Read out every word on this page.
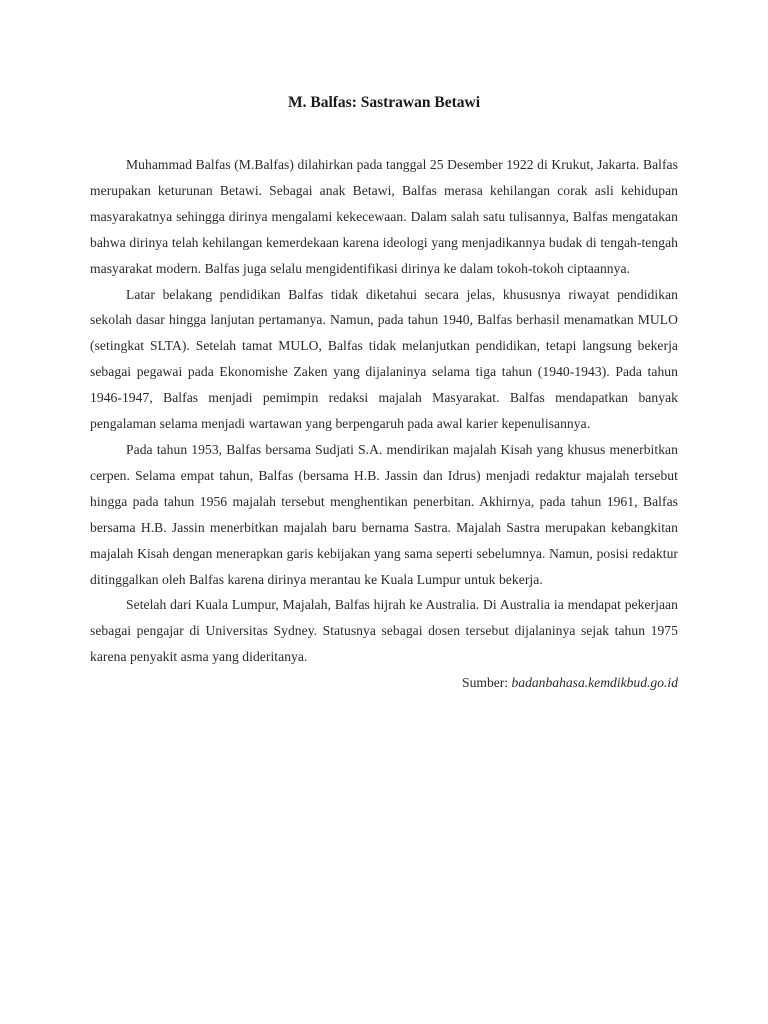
M. Balfas: Sastrawan Betawi

Muhammad Balfas (M.Balfas) dilahirkan pada tanggal 25 Desember 1922 di Krukut, Jakarta. Balfas merupakan keturunan Betawi. Sebagai anak Betawi, Balfas merasa kehilangan corak asli kehidupan masyarakatnya sehingga dirinya mengalami kekecewaan. Dalam salah satu tulisannya, Balfas mengatakan bahwa dirinya telah kehilangan kemerdekaan karena ideologi yang menjadikannya budak di tengah-tengah masyarakat modern. Balfas juga selalu mengidentifikasi dirinya ke dalam tokoh-tokoh ciptaannya.

Latar belakang pendidikan Balfas tidak diketahui secara jelas, khususnya riwayat pendidikan sekolah dasar hingga lanjutan pertamanya. Namun, pada tahun 1940, Balfas berhasil menamatkan MULO (setingkat SLTA). Setelah tamat MULO, Balfas tidak melanjutkan pendidikan, tetapi langsung bekerja sebagai pegawai pada Ekonomishe Zaken yang dijalaninya selama tiga tahun (1940-1943). Pada tahun 1946-1947, Balfas menjadi pemimpin redaksi majalah Masyarakat. Balfas mendapatkan banyak pengalaman selama menjadi wartawan yang berpengaruh pada awal karier kepenulisannya.

Pada tahun 1953, Balfas bersama Sudjati S.A. mendirikan majalah Kisah yang khusus menerbitkan cerpen. Selama empat tahun, Balfas (bersama H.B. Jassin dan Idrus) menjadi redaktur majalah tersebut hingga pada tahun 1956 majalah tersebut menghentikan penerbitan. Akhirnya, pada tahun 1961, Balfas bersama H.B. Jassin menerbitkan majalah baru bernama Sastra. Majalah Sastra merupakan kebangkitan majalah Kisah dengan menerapkan garis kebijakan yang sama seperti sebelumnya. Namun, posisi redaktur ditinggalkan oleh Balfas karena dirinya merantau ke Kuala Lumpur untuk bekerja.

Setelah dari Kuala Lumpur, Majalah, Balfas hijrah ke Australia. Di Australia ia mendapat pekerjaan sebagai pengajar di Universitas Sydney. Statusnya sebagai dosen tersebut dijalaninya sejak tahun 1975 karena penyakit asma yang dideritanya.

Sumber: badanbahasa.kemdikbud.go.id
